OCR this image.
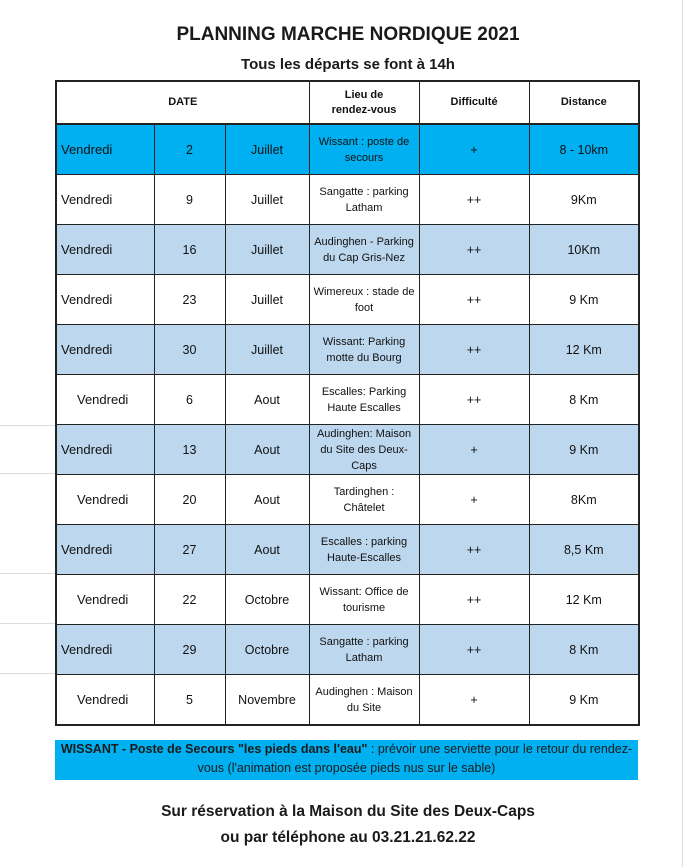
PLANNING MARCHE NORDIQUE 2021
Tous les départs se font à 14h
DATE			Lieu de rendez-vous	Difficulté	Distance
Vendredi	2	Juillet	Wissant : poste de secours	+	8 - 10km
Vendredi	9	Juillet	Sangatte : parking Latham	++	9Km
Vendredi	16	Juillet	Audinghen - Parking du Cap Gris-Nez	++	10Km
Vendredi	23	Juillet	Wimereux : stade de foot	++	9 Km
Vendredi	30	Juillet	Wissant: Parking motte du Bourg	++	12 Km
Vendredi	6	Aout	Escalles: Parking Haute Escalles	++	8 Km
Vendredi	13	Aout	Audinghen: Maison du Site des Deux-Caps	+	9 Km
Vendredi	20	Aout	Tardinghen : Châtelet	+	8Km
Vendredi	27	Aout	Escalles : parking Haute-Escalles	++	8,5 Km
Vendredi	22	Octobre	Wissant: Office de tourisme	++	12 Km
Vendredi	29	Octobre	Sangatte : parking Latham	++	8 Km
Vendredi	5	Novembre	Audinghen : Maison du Site	+	9 Km
WISSANT - Poste de Secours "les pieds dans l'eau" : prévoir une serviette pour le retour du rendez-vous (l'animation est proposée pieds nus sur le sable)
Sur réservation à la Maison du Site des Deux-Caps
ou par téléphone au 03.21.21.62.22
